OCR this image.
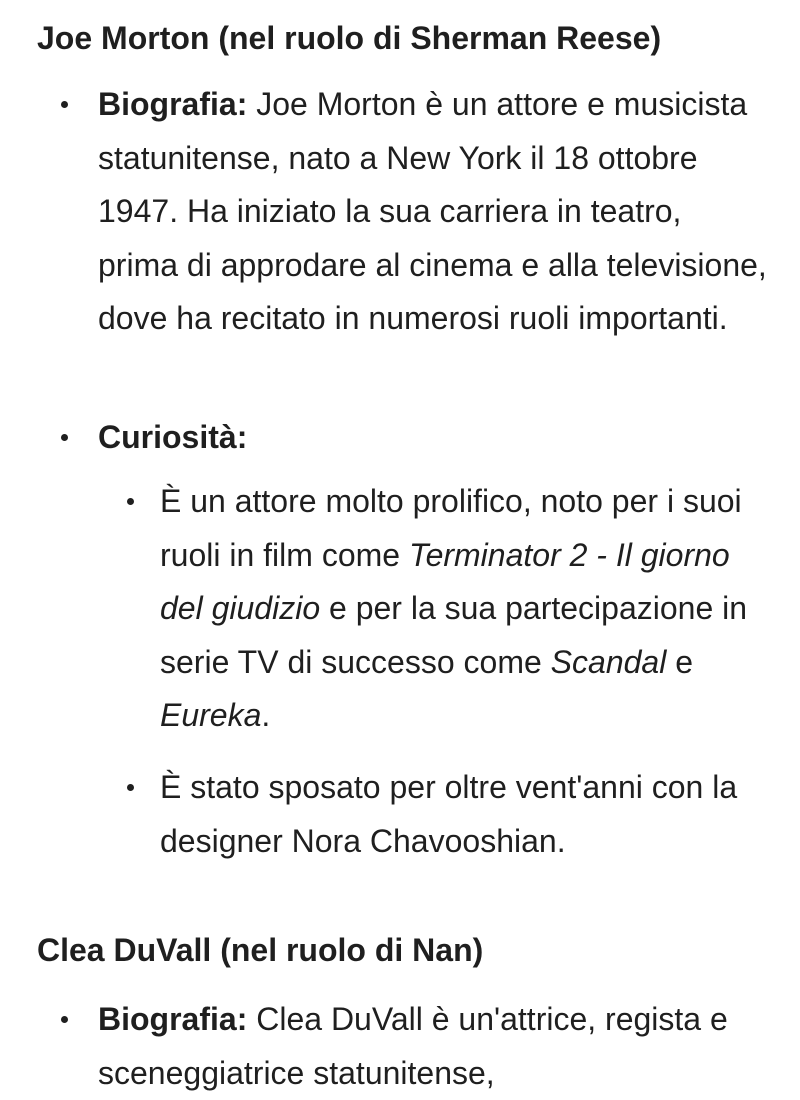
Joe Morton (nel ruolo di Sherman Reese)
Biografia: Joe Morton è un attore e musicista statunitense, nato a New York il 18 ottobre 1947. Ha iniziato la sua carriera in teatro, prima di approdare al cinema e alla televisione, dove ha recitato in numerosi ruoli importanti.
Curiosità:
È un attore molto prolifico, noto per i suoi ruoli in film come Terminator 2 - Il giorno del giudizio e per la sua partecipazione in serie TV di successo come Scandal e Eureka.
È stato sposato per oltre vent'anni con la designer Nora Chavooshian.
Clea DuVall (nel ruolo di Nan)
Biografia: Clea DuVall è un'attrice, regista e sceneggiatrice statunitense,
